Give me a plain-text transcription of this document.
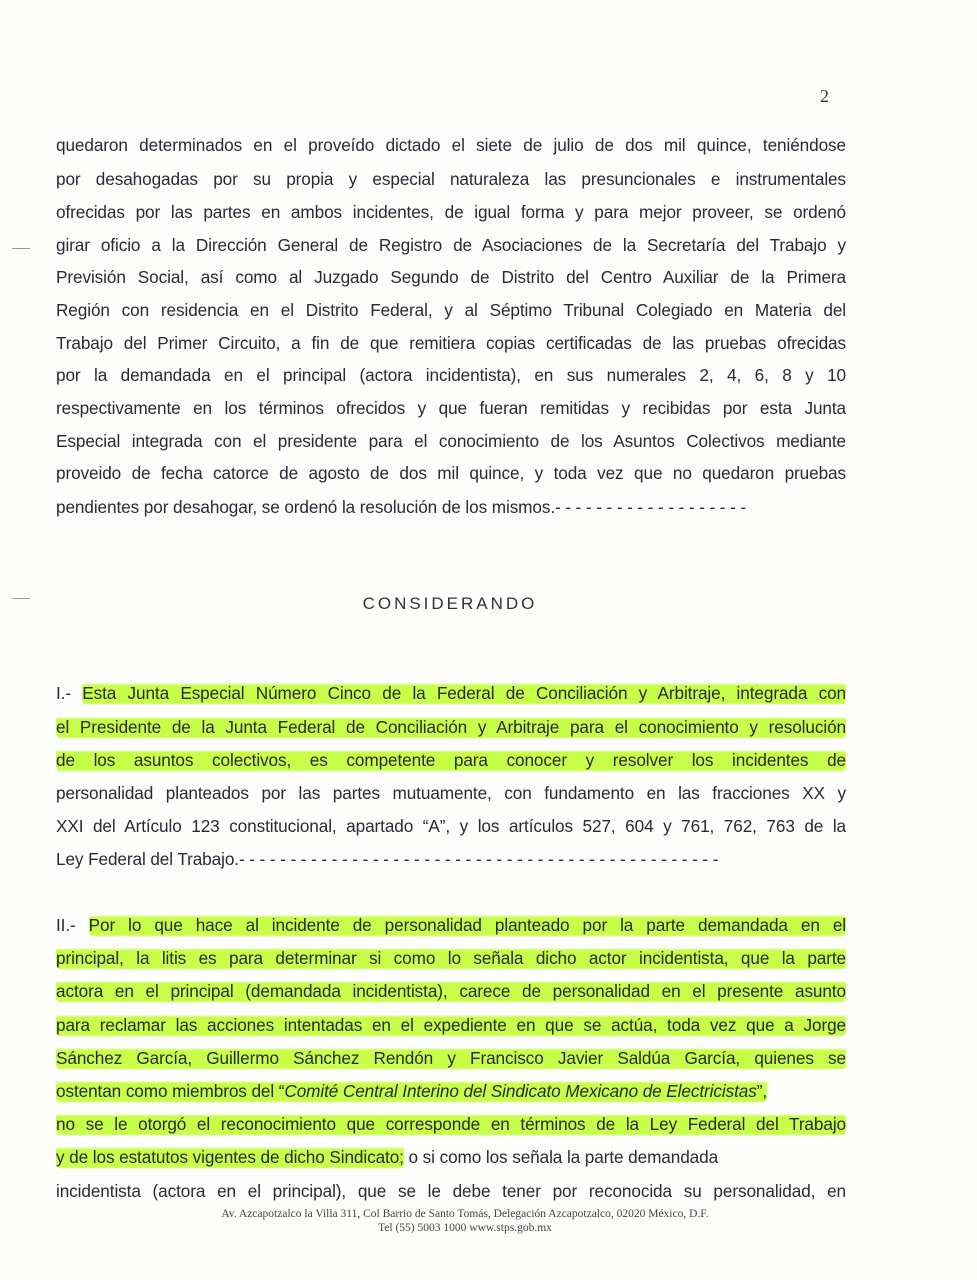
2
quedaron determinados en el proveído dictado el siete de julio de dos mil quince, teniéndose
por desahogadas por su propia y especial naturaleza las presuncionales e instrumentales
ofrecidas por las partes en ambos incidentes, de igual forma y para mejor proveer, se ordenó
girar oficio a la Dirección General de Registro de Asociaciones de la Secretaría del Trabajo y
Previsión Social, así como al Juzgado Segundo de Distrito del Centro Auxiliar de la Primera
Región con residencia en el Distrito Federal, y al Séptimo Tribunal Colegiado en Materia del
Trabajo del Primer Circuito, a fin de que remitiera copias certificadas de las pruebas ofrecidas
por la demandada en el principal (actora incidentista), en sus numerales 2, 4, 6, 8 y 10
respectivamente en los términos ofrecidos y que fueran remitidas y recibidas por esta Junta
Especial integrada con el presidente para el conocimiento de los Asuntos Colectivos mediante
proveido de fecha catorce de agosto de dos mil quince, y toda vez que no quedaron pruebas
pendientes por desahogar, se ordenó la resolución de los mismos.- - - - - - - - - - - - - - - - - - -
CONSIDERANDO
I.- Esta Junta Especial Número Cinco de la Federal de Conciliación y Arbitraje, integrada con
el Presidente de la Junta Federal de Conciliación y Arbitraje para el conocimiento y resolución
de los asuntos colectivos, es competente para conocer y resolver los incidentes de
personalidad planteados por las partes mutuamente, con fundamento en las fracciones XX y
XXI del Artículo 123 constitucional, apartado “A”, y los artículos 527, 604 y 761, 762, 763 de la
Ley Federal del Trabajo.- - - - - - - - - - - - - - - - - - - - - - - - - - - - - - - - - - - - - - - - - - - - - - -
II.- Por lo que hace al incidente de personalidad planteado por la parte demandada en el
principal, la litis es para determinar si como lo señala dicho actor incidentista, que la parte
actora en el principal (demandada incidentista), carece de personalidad en el presente asunto
para reclamar las acciones intentadas en el expediente en que se actúa, toda vez que a Jorge
Sánchez García, Guillermo Sánchez Rendón y Francisco Javier Saldúa García, quienes se
ostentan como miembros del “Comité Central Interino del Sindicato Mexicano de Electricistas”,
no se le otorgó el reconocimiento que corresponde en términos de la Ley Federal del Trabajo
y de los estatutos vigentes de dicho Sindicato; o si como los señala la parte demandada
incidentista (actora en el principal), que se le debe tener por reconocida su personalidad, en
Av. Azcapotzalco la Villa 311, Col Barrio de Santo Tomás, Delegación Azcapotzalco, 02020 México, D.F.
Tel (55) 5003 1000 www.stps.gob.mx
